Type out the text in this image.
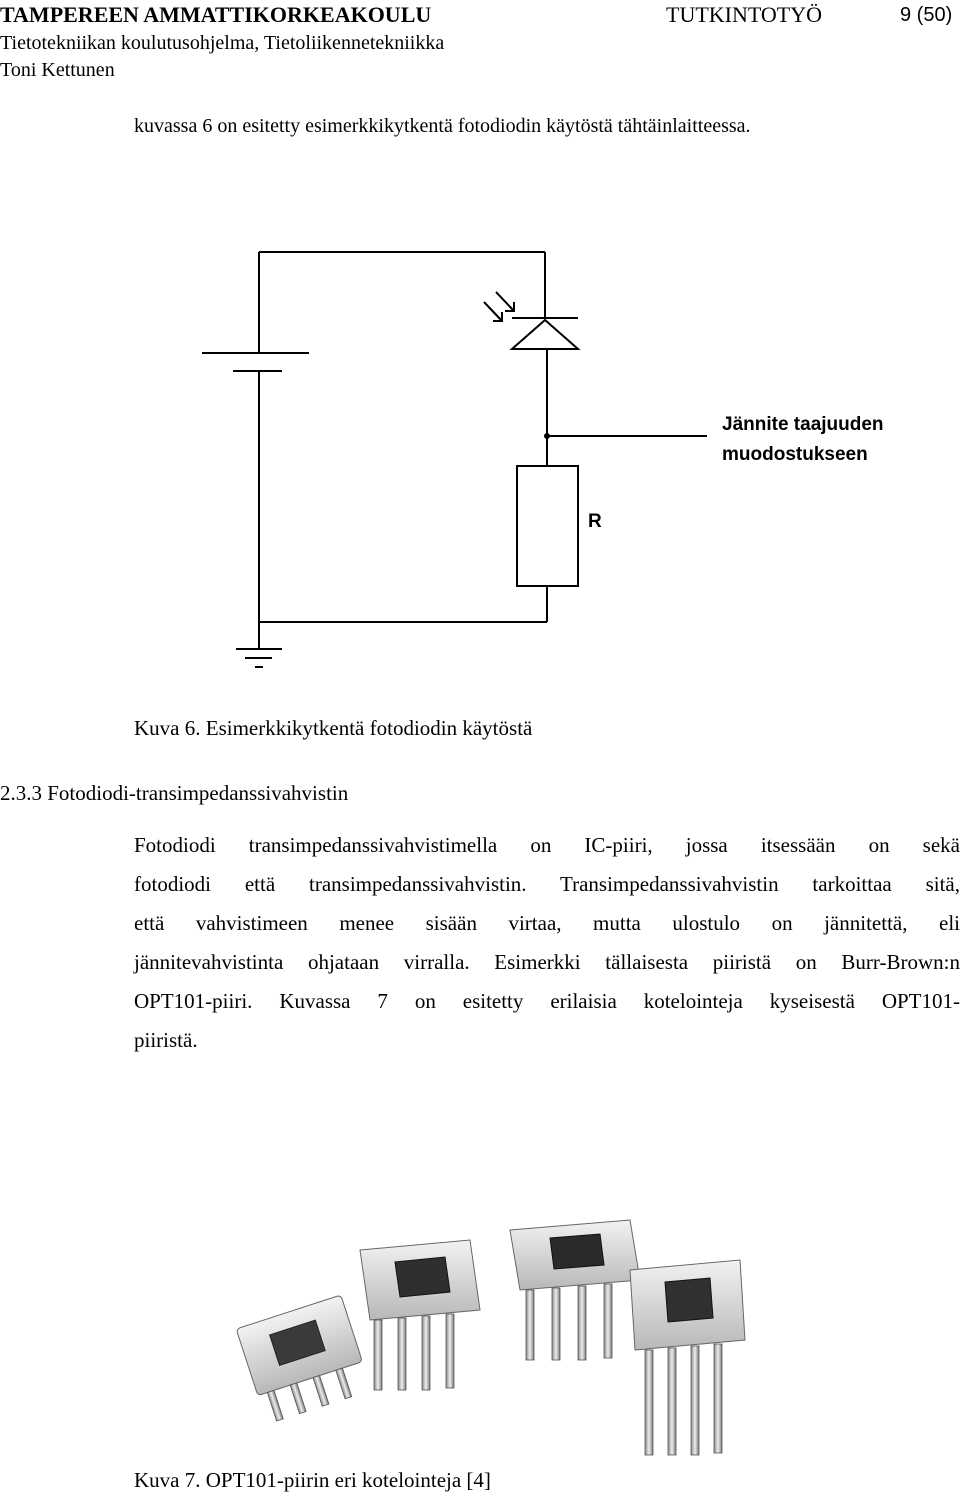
TAMPEREEN AMMATTIKORKEAKOULU	TUTKINTOTYÖ	9 (50)
Tietotekniikan koulutusohjelma, Tietoliikennetekniikka
Toni Kettunen
kuvassa 6 on esitetty esimerkkikytkentä fotodiodin käytöstä tähtäinlaitteessa.
Jännite taajuuden
muodostukseen
R
Kuva 6. Esimerkkikytkentä fotodiodin käytöstä
2.3.3 Fotodiodi-transimpedanssivahvistin
Fotodiodi transimpedanssivahvistimella on IC-piiri, jossa itsessään on sekä
fotodiodi että transimpedanssivahvistin. Transimpedanssivahvistin tarkoittaa sitä,
että vahvistimeen menee sisään virtaa, mutta ulostulo on jännitettä, eli
jännitevahvistinta ohjataan virralla. Esimerkki tällaisesta piiristä on Burr-Brown:n
OPT101-piiri. Kuvassa 7 on esitetty erilaisia kotelointeja kyseisestä OPT101-
piiristä.
Kuva 7. OPT101-piirin eri kotelointeja [4]
